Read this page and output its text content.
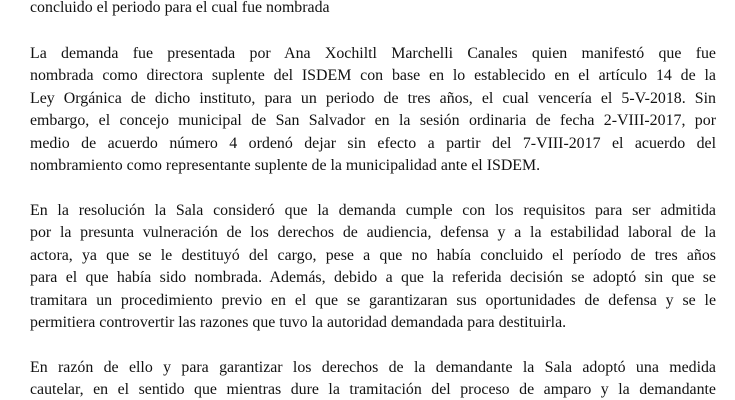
concluido el periodo para el cual fue nombrada
La demanda fue presentada por Ana Xochiltl Marchelli Canales quien manifestó que fue
nombrada como directora suplente del ISDEM con base en lo establecido en el artículo 14 de la
Ley Orgánica de dicho instituto, para un periodo de tres años, el cual vencería el 5-V-2018. Sin
embargo, el concejo municipal de San Salvador en la sesión ordinaria de fecha 2-VIII-2017, por
medio de acuerdo número 4 ordenó dejar sin efecto a partir del 7-VIII-2017 el acuerdo del
nombramiento como representante suplente de la municipalidad ante el ISDEM.
En la resolución la Sala consideró que la demanda cumple con los requisitos para ser admitida
por la presunta vulneración de los derechos de audiencia, defensa y a la estabilidad laboral de la
actora, ya que se le destituyó del cargo, pese a que no había concluido el período de tres años
para el que había sido nombrada. Además, debido a que la referida decisión se adoptó sin que se
tramitara un procedimiento previo en el que se garantizaran sus oportunidades de defensa y se le
permitiera controvertir las razones que tuvo la autoridad demandada para destituirla.
En razón de ello y para garantizar los derechos de la demandante la Sala adoptó una medida
cautelar, en el sentido que mientras dure la tramitación del proceso de amparo y la demandante
